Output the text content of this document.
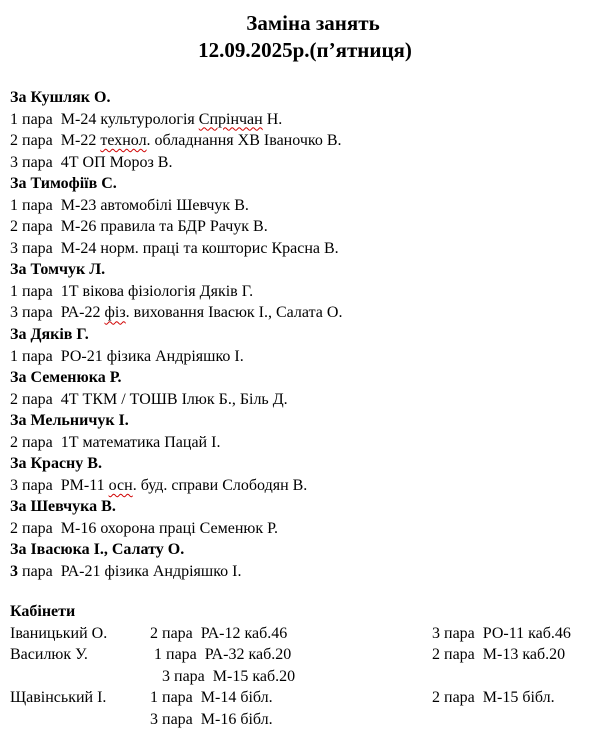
Заміна занять
12.09.2025р.(п’ятниця)
За Кушляк О.
1 пара  М-24 культурологія Спрінчан Н.
2 пара  М-22 технол. обладнання ХВ Іваночко В.
3 пара  4Т ОП Мороз В.
За Тимофіїв С.
1 пара  М-23 автомобілі Шевчук В.
2 пара  М-26 правила та БДР Рачук В.
3 пара  М-24 норм. праці та кошторис Красна В.
За Томчук Л.
1 пара  1Т вікова фізіологія Дяків Г.
3 пара  РА-22 фіз. виховання Івасюк І., Салата О.
За Дяків Г.
1 пара  РО-21 фізика Андріяшко І.
За Семенюка Р.
2 пара  4Т ТКМ / ТОШВ Ілюк Б., Біль Д.
За Мельничук І.
2 пара  1Т математика Пацай І.
За Красну В.
3 пара  РМ-11 осн. буд. справи Слободян В.
За Шевчука В.
2 пара  М-16 охорона праці Семенюк Р.
За Івасюка І., Салату О.
3 пара  РА-21 фізика Андріяшко І.
Кабінети
Іваницький О.	2 пара  РА-12 каб.46	3 пара  РО-11 каб.46
Василюк У.	1 пара  РА-32 каб.20	2 пара  М-13 каб.20
3 пара  М-15 каб.20
Щавінський І.	1 пара  М-14 бібл.	2 пара  М-15 бібл.
3 пара  М-16 бібл.
